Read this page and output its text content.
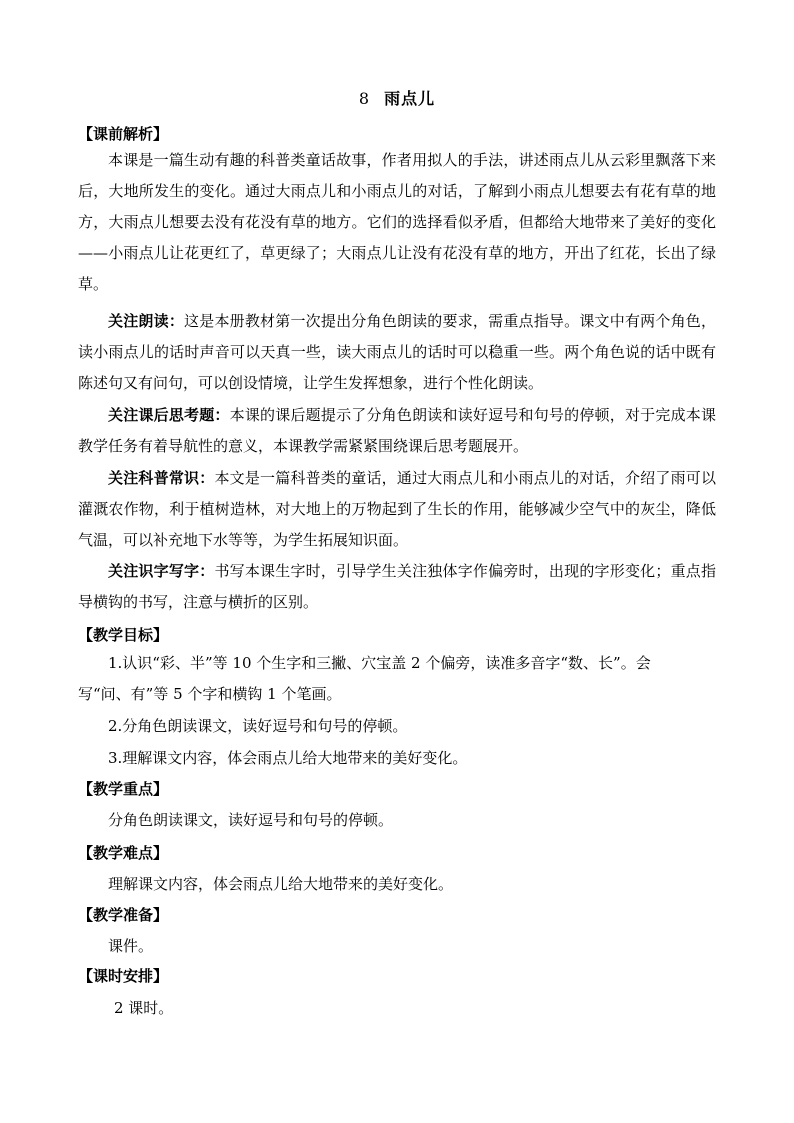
8 雨点儿
【课前解析】
本课是一篇生动有趣的科普类童话故事，作者用拟人的手法，讲述雨点儿从云彩里飘落下来后，大地所发生的变化。通过大雨点儿和小雨点儿的对话，了解到小雨点儿想要去有花有草的地方，大雨点儿想要去没有花没有草的地方。它们的选择看似矛盾，但都给大地带来了美好的变化——小雨点儿让花更红了，草更绿了；大雨点儿让没有花没有草的地方，开出了红花，长出了绿草。
关注朗读：这是本册教材第一次提出分角色朗读的要求，需重点指导。课文中有两个角色，读小雨点儿的话时声音可以天真一些，读大雨点儿的话时可以稳重一些。两个角色说的话中既有陈述句又有问句，可以创设情境，让学生发挥想象，进行个性化朗读。
关注课后思考题：本课的课后题提示了分角色朗读和读好逗号和句号的停顿，对于完成本课教学任务有着导航性的意义，本课教学需紧紧围绕课后思考题展开。
关注科普常识：本文是一篇科普类的童话，通过大雨点儿和小雨点儿的对话，介绍了雨可以灌溉农作物，利于植树造林，对大地上的万物起到了生长的作用，能够减少空气中的灰尘，降低气温，可以补充地下水等等，为学生拓展知识面。
关注识字写字：书写本课生字时，引导学生关注独体字作偏旁时，出现的字形变化；重点指导横钩的书写，注意与横折的区别。
【教学目标】
1.认识“彩、半”等 10 个生字和三撇、穴宝盖 2 个偏旁，读准多音字“数、长”。会写“问、有”等 5 个字和横钩 1 个笔画。
2.分角色朗读课文，读好逗号和句号的停顿。
3.理解课文内容，体会雨点儿给大地带来的美好变化。
【教学重点】
分角色朗读课文，读好逗号和句号的停顿。
【教学难点】
理解课文内容，体会雨点儿给大地带来的美好变化。
【教学准备】
课件。
【课时安排】
2 课时。
